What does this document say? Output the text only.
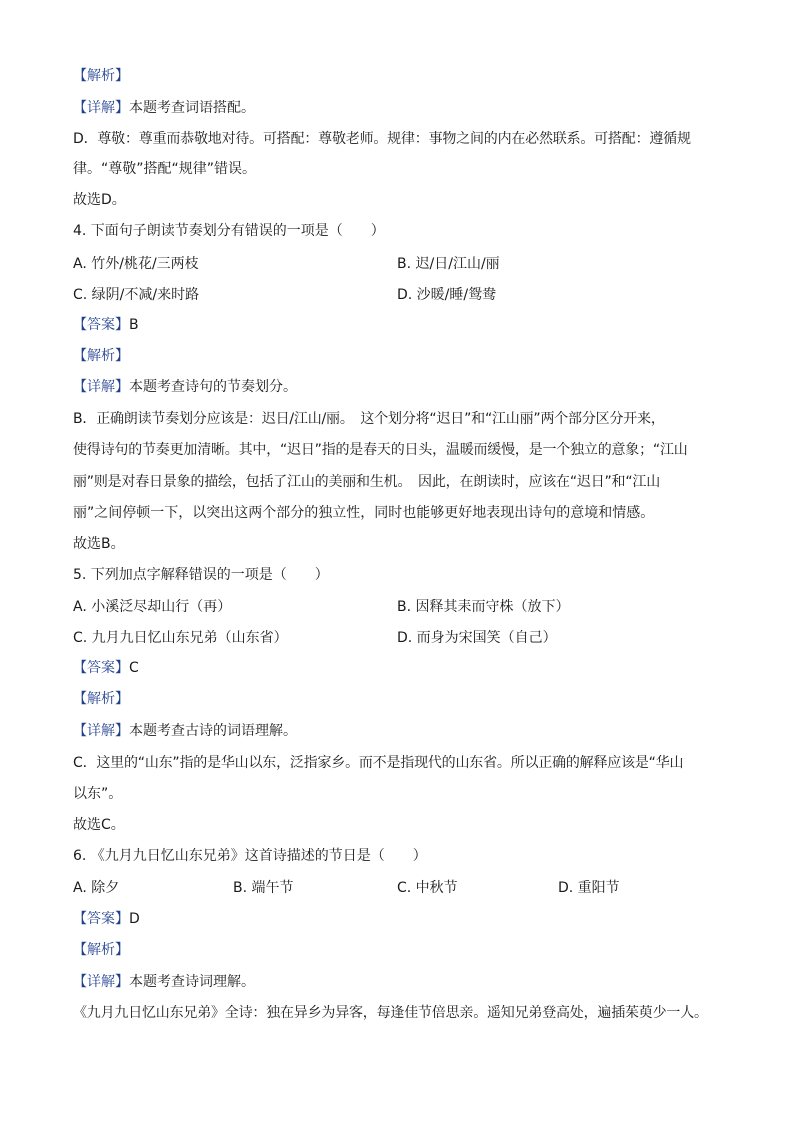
【解析】
【详解】本题考查词语搭配。
D．尊敬：尊重而恭敬地对待。可搭配：尊敬老师。规律：事物之间的内在必然联系。可搭配：遵循规
律。“尊敬”搭配“规律”错误。
故选D。
4. 下面句子朗读节奏划分有错误的一项是（　　）
A. 竹外/桃花/三两枝	B. 迟/日/江山/丽
C. 绿阴/不减/来时路	D. 沙暖/睡/鸳鸯
【答案】B
【解析】
【详解】本题考查诗句的节奏划分。
B．正确朗读节奏划分应该是：迟日/江山/丽。　这个划分将“迟日”和“江山丽”两个部分区分开来，
使得诗句的节奏更加清晰。其中，“迟日”指的是春天的日头，温暖而缓慢，是一个独立的意象；“江山
丽”则是对春日景象的描绘，包括了江山的美丽和生机。　因此，在朗读时，应该在“迟日”和“江山
丽”之间停顿一下，以突出这两个部分的独立性，同时也能够更好地表现出诗句的意境和情感。
故选B。
5. 下列加点字解释错误的一项是（　　）
A. 小溪泛尽却山行（再）	B. 因释其耒而守株（放下）
C. 九月九日忆山东兄弟（山东省）	D. 而身为宋国笑（自己）
【答案】C
【解析】
【详解】本题考查古诗的词语理解。
C．这里的“山东”指的是华山以东，泛指家乡。而不是指现代的山东省。所以正确的解释应该是“华山
以东”。
故选C。
6. 《九月九日忆山东兄弟》这首诗描述的节日是（　　）
A. 除夕	B. 端午节	C. 中秋节	D. 重阳节
【答案】D
【解析】
【详解】本题考查诗词理解。
《九月九日忆山东兄弟》全诗：独在异乡为异客，每逢佳节倍思亲。遥知兄弟登高处，遍插茱萸少一人。
